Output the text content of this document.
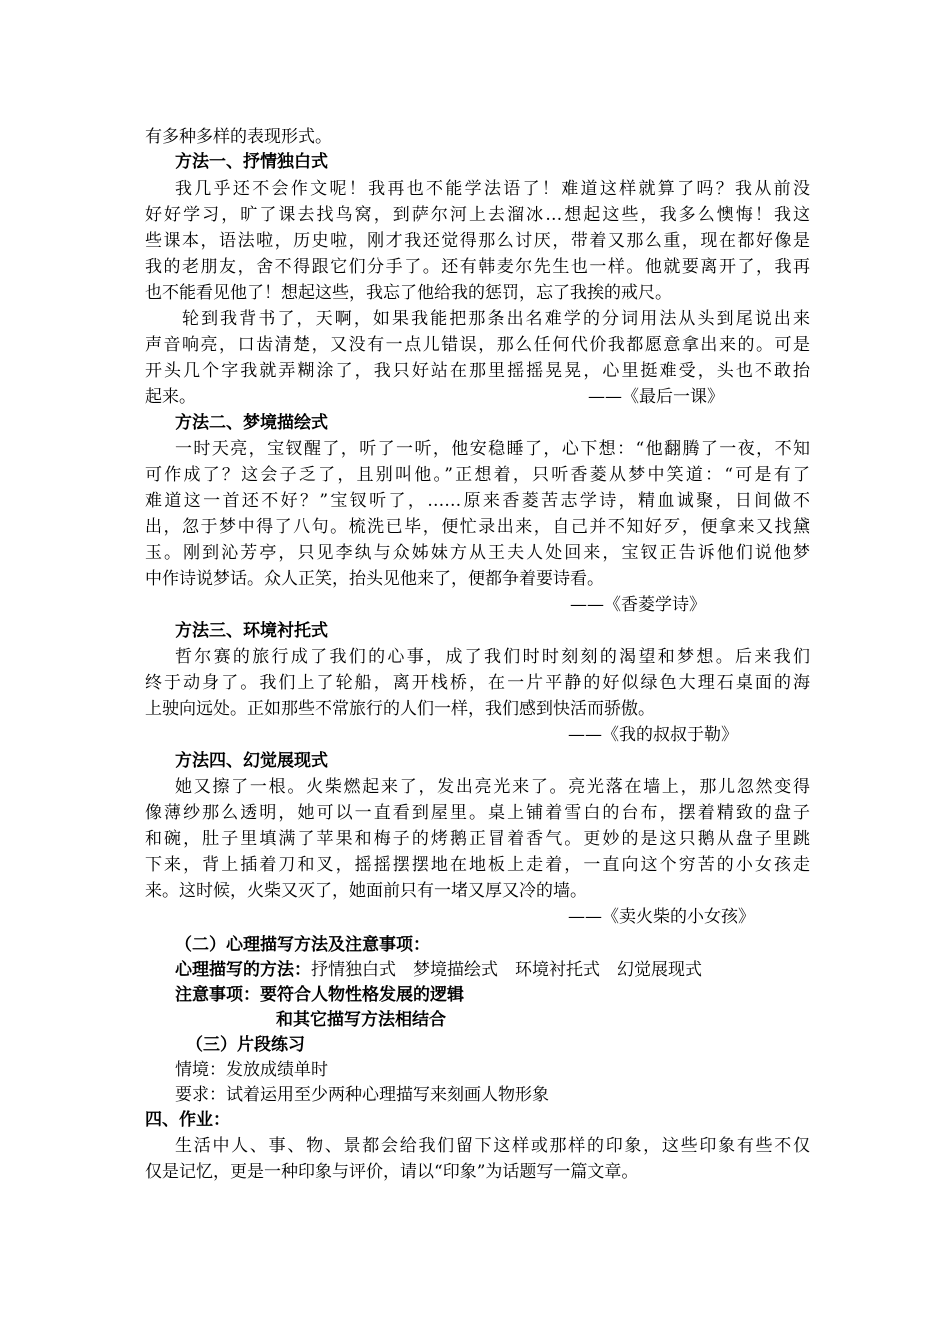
有多种多样的表现形式。
方法一、抒情独白式
我几乎还不会作文呢！我再也不能学法语了！难道这样就算了吗？我从前没
好好学习，旷了课去找鸟窝，到萨尔河上去溜冰…想起这些，我多么懊悔！我这
些课本，语法啦，历史啦，刚才我还觉得那么讨厌，带着又那么重，现在都好像是
我的老朋友，舍不得跟它们分手了。还有韩麦尔先生也一样。他就要离开了，我再
也不能看见他了！想起这些，我忘了他给我的惩罚，忘了我挨的戒尺。
轮到我背书了，天啊，如果我能把那条出名难学的分词用法从头到尾说出来
声音响亮，口齿清楚，又没有一点儿错误，那么任何代价我都愿意拿出来的。可是
开头几个字我就弄糊涂了，我只好站在那里摇摇晃晃，心里挺难受，头也不敢抬
起来。	——《最后一课》
方法二、梦境描绘式
一时天亮，宝钗醒了，听了一听，他安稳睡了，心下想：“他翻腾了一夜，不知
可作成了？这会子乏了，且别叫他。”正想着，只听香菱从梦中笑道：“可是有了
难道这一首还不好？”宝钗听了，……原来香菱苦志学诗，精血诚聚，日间做不
出，忽于梦中得了八句。梳洗已毕，便忙录出来，自己并不知好歹，便拿来又找黛
玉。刚到沁芳亭，只见李纨与众姊妹方从王夫人处回来，宝钗正告诉他们说他梦
中作诗说梦话。众人正笑，抬头见他来了，便都争着要诗看。
——《香菱学诗》
方法三、环境衬托式
哲尔赛的旅行成了我们的心事，成了我们时时刻刻的渴望和梦想。后来我们
终于动身了。我们上了轮船，离开栈桥，在一片平静的好似绿色大理石桌面的海
上驶向远处。正如那些不常旅行的人们一样，我们感到快活而骄傲。
——《我的叔叔于勒》
方法四、幻觉展现式
她又擦了一根。火柴燃起来了，发出亮光来了。亮光落在墙上，那儿忽然变得
像薄纱那么透明，她可以一直看到屋里。桌上铺着雪白的台布，摆着精致的盘子
和碗，肚子里填满了苹果和梅子的烤鹅正冒着香气。更妙的是这只鹅从盘子里跳
下来，背上插着刀和叉，摇摇摆摆地在地板上走着，一直向这个穷苦的小女孩走
来。这时候，火柴又灭了，她面前只有一堵又厚又冷的墙。
——《卖火柴的小女孩》
（二）心理描写方法及注意事项：
心理描写的方法：抒情独白式　梦境描绘式　环境衬托式　幻觉展现式
注意事项：要符合人物性格发展的逻辑
和其它描写方法相结合
（三）片段练习
情境：发放成绩单时
要求：试着运用至少两种心理描写来刻画人物形象
四、作业：
生活中人、事、物、景都会给我们留下这样或那样的印象，这些印象有些不仅
仅是记忆，更是一种印象与评价，请以“印象”为话题写一篇文章。
